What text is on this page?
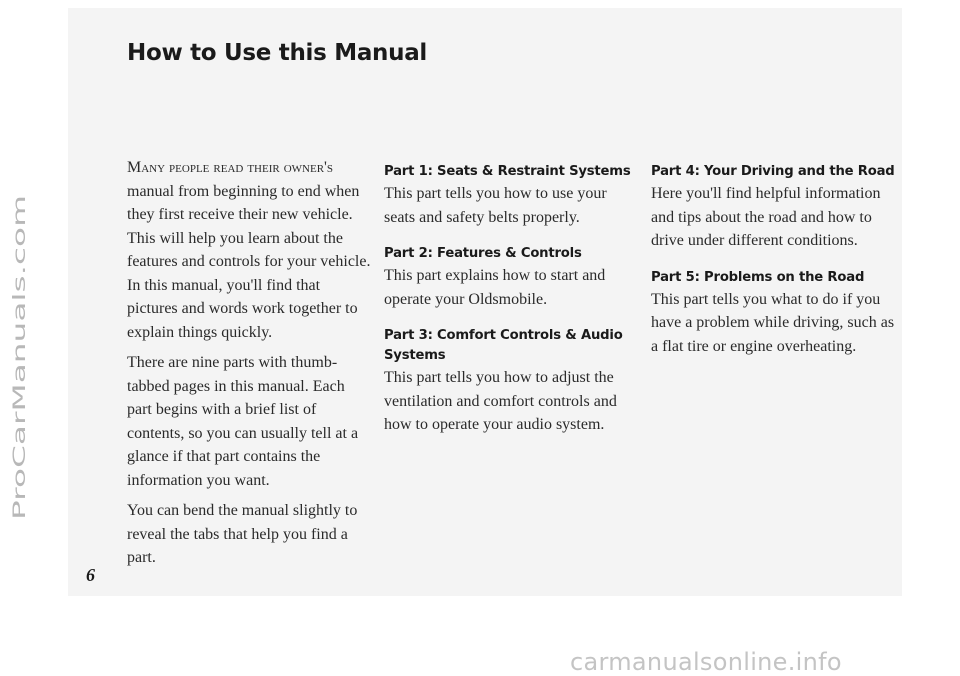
How to Use this Manual

Many people read their owner's manual from beginning to end when they first receive their new vehicle. This will help you learn about the features and controls for your vehicle. In this manual, you'll find that pictures and words work together to explain things quickly.

There are nine parts with thumb-tabbed pages in this manual. Each part begins with a brief list of contents, so you can usually tell at a glance if that part contains the information you want.

You can bend the manual slightly to reveal the tabs that help you find a part.

Part 1: Seats & Restraint Systems
This part tells you how to use your seats and safety belts properly.
Part 2: Features & Controls
This part explains how to start and operate your Oldsmobile.
Part 3: Comfort Controls & Audio Systems
This part tells you how to adjust the ventilation and comfort controls and how to operate your audio system.
Part 4: Your Driving and the Road
Here you'll find helpful information and tips about the road and how to drive under different conditions.
Part 5: Problems on the Road
This part tells you what to do if you have a problem while driving, such as a flat tire or engine overheating.
6
ProCarManuals.com
carmanualsonline.info
